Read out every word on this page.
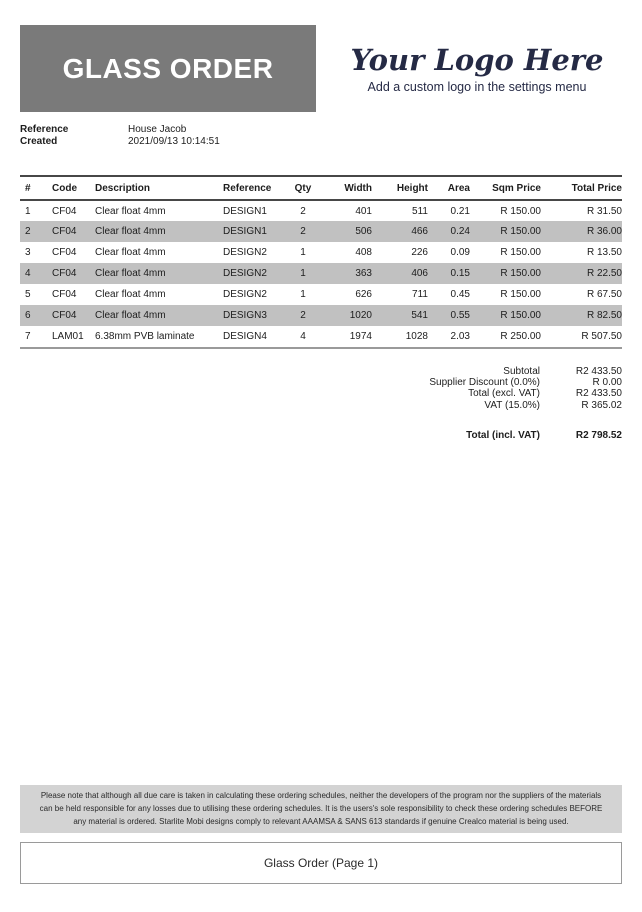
GLASS ORDER	Your Logo Here
Add a custom logo in the settings menu
Reference	House Jacob
Created	2021/09/13 10:14:51
#	Code	Description	Reference	Qty	Width	Height	Area	Sqm Price	Total Price
1	CF04	Clear float 4mm	DESIGN1	2	401	511	0.21	R 150.00	R 31.50
2	CF04	Clear float 4mm	DESIGN1	2	506	466	0.24	R 150.00	R 36.00
3	CF04	Clear float 4mm	DESIGN2	1	408	226	0.09	R 150.00	R 13.50
4	CF04	Clear float 4mm	DESIGN2	1	363	406	0.15	R 150.00	R 22.50
5	CF04	Clear float 4mm	DESIGN2	1	626	711	0.45	R 150.00	R 67.50
6	CF04	Clear float 4mm	DESIGN3	2	1020	541	0.55	R 150.00	R 82.50
7	LAM01	6.38mm PVB laminate	DESIGN4	4	1974	1028	2.03	R 250.00	R 507.50

Subtotal	R2 433.50
Supplier Discount (0.0%)	R 0.00
Total (excl. VAT)	R2 433.50
VAT (15.0%)	R 365.02
Total (incl. VAT)	R2 798.52
Please note that although all due care is taken in calculating these ordering schedules, neither the developers of the program nor the suppliers of the materials can be held responsible for any losses due to utilising these ordering schedules. It is the users's sole responsibility to check these ordering schedules BEFORE any material is ordered. Starlite Mobi designs comply to relevant AAAMSA & SANS 613 standards if genuine Crealco material is being used.
Glass Order (Page 1)
